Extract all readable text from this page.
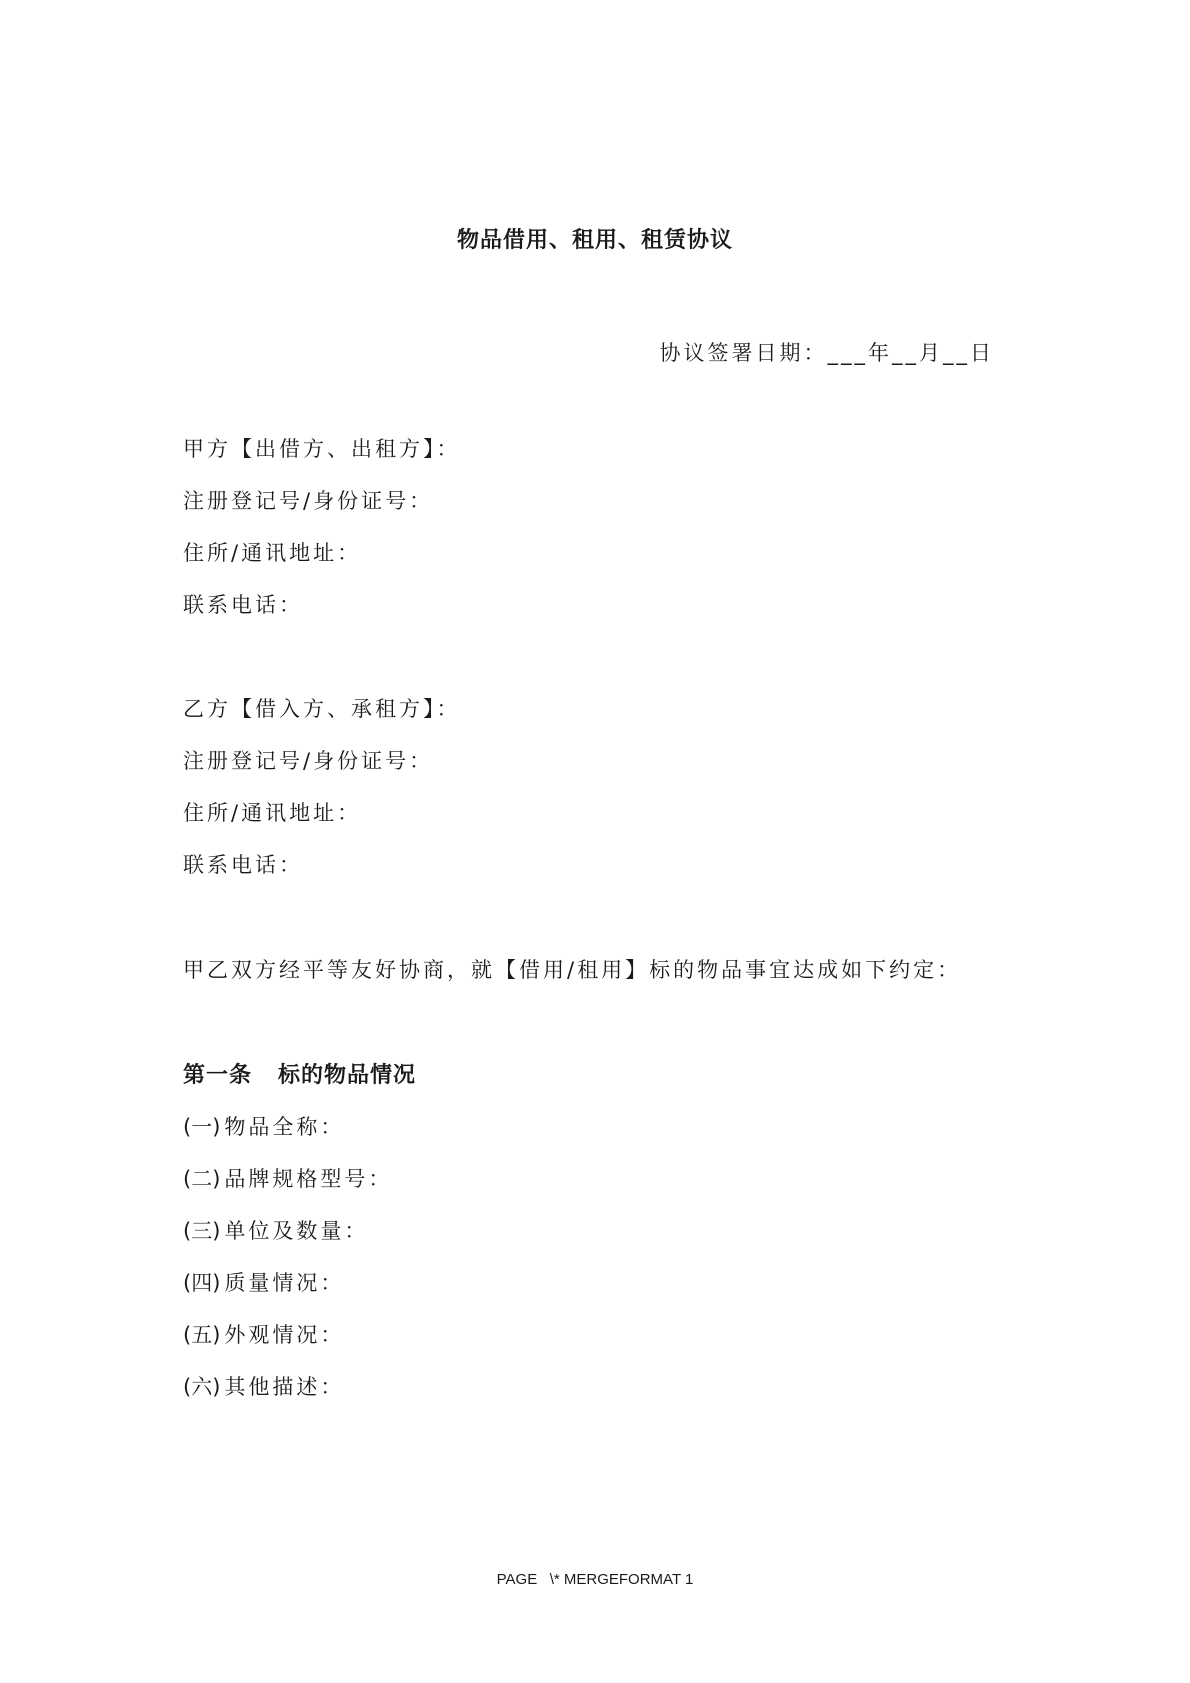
物品借用、租用、租赁协议
协议签署日期：___年__月__日
甲方【出借方、出租方】：
注册登记号/身份证号：
住所/通讯地址：
联系电话：
乙方【借入方、承租方】：
注册登记号/身份证号：
住所/通讯地址：
联系电话：
甲乙双方经平等友好协商，就【借用/租用】标的物品事宜达成如下约定：
第一条 标的物品情况
(一) 物品全称：
(二) 品牌规格型号：
(三) 单位及数量：
(四) 质量情况：
(五) 外观情况：
(六) 其他描述：
PAGE   \* MERGEFORMAT 1
